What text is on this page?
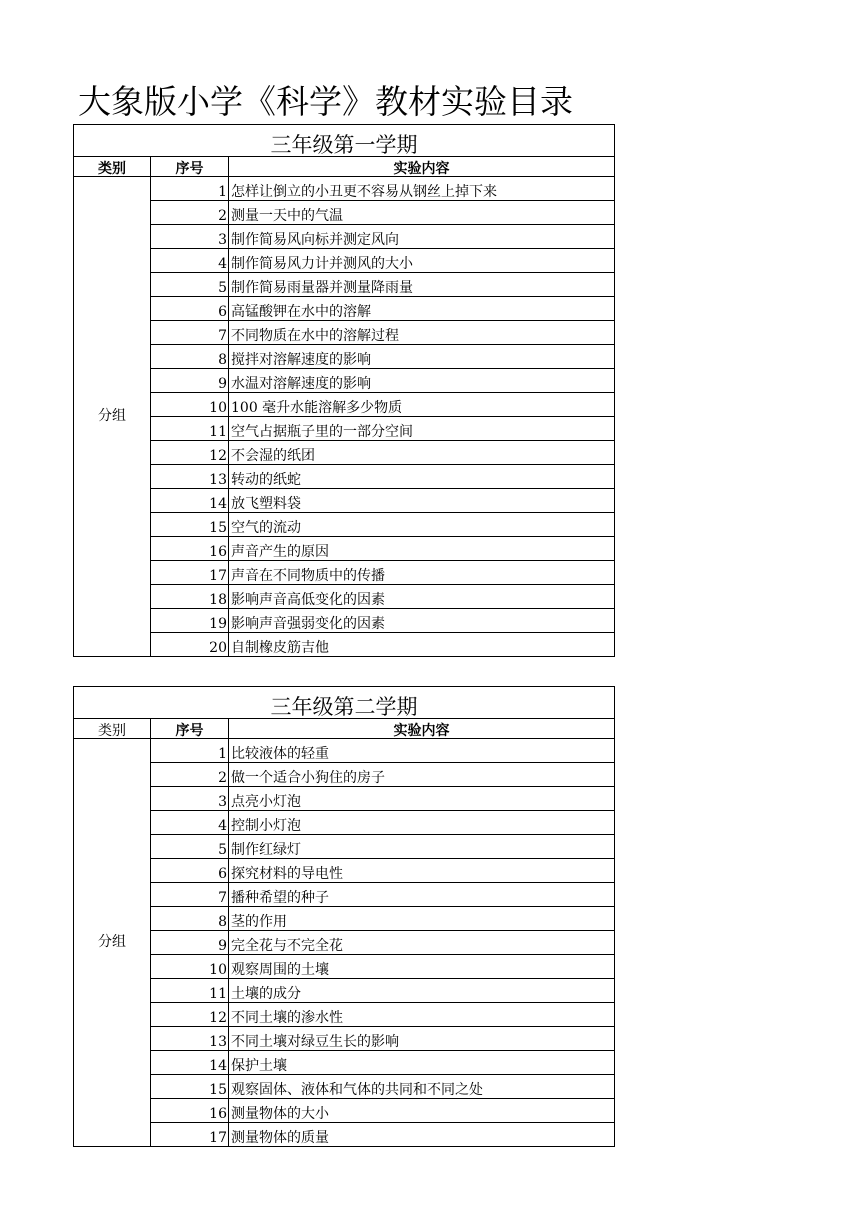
大象版小学《科学》教材实验目录
三年级第一学期		
类别	序号	实验内容
分组	1	怎样让倒立的小丑更不容易从钢丝上掉下来
	2	测量一天中的气温
	3	制作简易风向标并测定风向
	4	制作简易风力计并测风的大小
	5	制作简易雨量器并测量降雨量
	6	高锰酸钾在水中的溶解
	7	不同物质在水中的溶解过程
	8	搅拌对溶解速度的影响
	9	水温对溶解速度的影响
	10	100 毫升水能溶解多少物质
	11	空气占据瓶子里的一部分空间
	12	不会湿的纸团
	13	转动的纸蛇
	14	放飞塑料袋
	15	空气的流动
	16	声音产生的原因
	17	声音在不同物质中的传播
	18	影响声音高低变化的因素
	19	影响声音强弱变化的因素
	20	自制橡皮筋吉他
三年级第二学期		
类别	序号	实验内容
分组	1	比较液体的轻重
	2	做一个适合小狗住的房子
	3	点亮小灯泡
	4	控制小灯泡
	5	制作红绿灯
	6	探究材料的导电性
	7	播种希望的种子
	8	茎的作用
	9	完全花与不完全花
	10	观察周围的土壤
	11	土壤的成分
	12	不同土壤的渗水性
	13	不同土壤对绿豆生长的影响
	14	保护土壤
	15	观察固体、液体和气体的共同和不同之处
	16	测量物体的大小
	17	测量物体的质量
